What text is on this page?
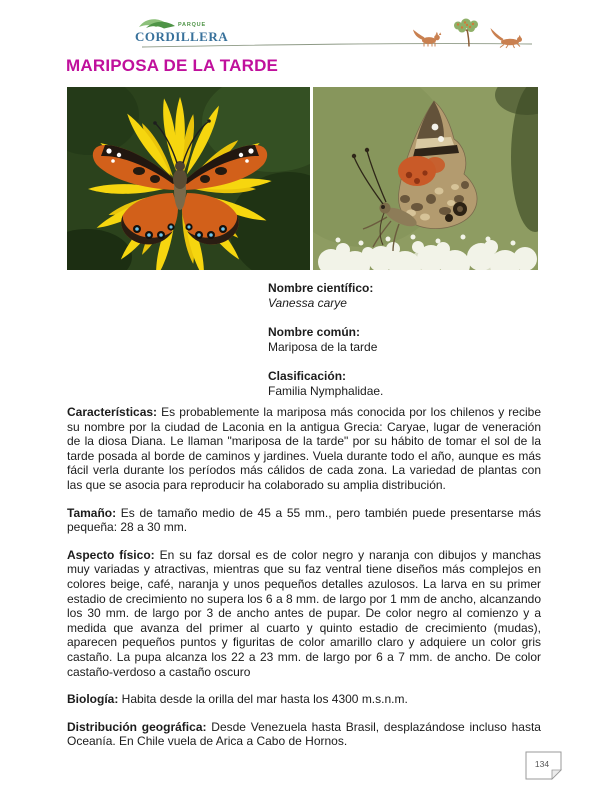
PARQUE
CORDILLERA
MARIPOSA DE LA TARDE
Nombre científico:
Vanessa carye
Nombre común:
Mariposa de la tarde
Clasificación:
Familia Nymphalidae.

Características: Es probablemente la mariposa más conocida por los chilenos y recibe su nombre por la ciudad de Laconia en la antigua Grecia: Caryae, lugar de veneración de la diosa Diana. Le llaman "mariposa de la tarde" por su hábito de tomar el sol de la tarde posada al borde de caminos y jardines. Vuela durante todo el año, aunque es más fácil verla durante los períodos más cálidos de cada zona. La variedad de plantas con las que se asocia para reproducir ha colaborado su amplia distribución.

Tamaño: Es de tamaño medio de 45 a 55 mm., pero también puede presentarse más pequeña: 28 a 30 mm.

Aspecto físico: En su faz dorsal es de color negro y naranja con dibujos y manchas muy variadas y atractivas, mientras que su faz ventral tiene diseños más complejos en colores beige, café, naranja y unos pequeños detalles azulosos. La larva en su primer estadio de crecimiento no supera los 6 a 8 mm. de largo por 1 mm de ancho, alcanzando los 30 mm. de largo por 3 de ancho antes de pupar. De color negro al comienzo y a medida que avanza del primer al cuarto y quinto estadio de crecimiento (mudas), aparecen pequeños puntos y figuritas de color amarillo claro y adquiere un color gris castaño. La pupa alcanza los 22 a 23 mm. de largo por 6 a 7 mm. de ancho. De color castaño-verdoso a castaño oscuro

Biología: Habita desde la orilla del mar hasta los 4300 m.s.n.m.

Distribución geográfica: Desde Venezuela hasta Brasil, desplazándose incluso hasta Oceanía. En Chile vuela de Arica a Cabo de Hornos.

134
